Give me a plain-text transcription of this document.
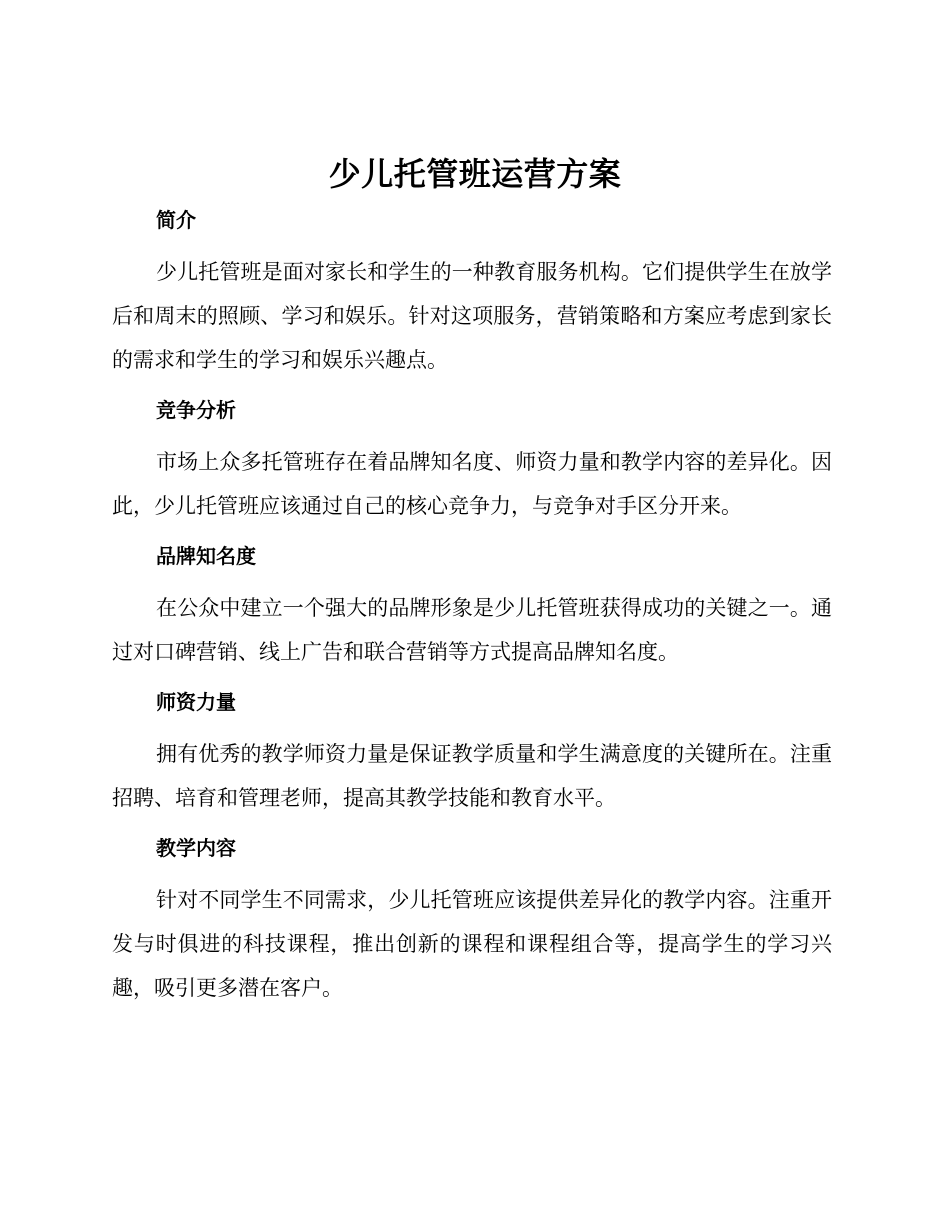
少儿托管班运营方案

简介

少儿托管班是面对家长和学生的一种教育服务机构。它们提供学生在放学后和周末的照顾、学习和娱乐。针对这项服务，营销策略和方案应考虑到家长的需求和学生的学习和娱乐兴趣点。

竞争分析

市场上众多托管班存在着品牌知名度、师资力量和教学内容的差异化。因此，少儿托管班应该通过自己的核心竞争力，与竞争对手区分开来。

品牌知名度

在公众中建立一个强大的品牌形象是少儿托管班获得成功的关键之一。通过对口碑营销、线上广告和联合营销等方式提高品牌知名度。

师资力量

拥有优秀的教学师资力量是保证教学质量和学生满意度的关键所在。注重招聘、培育和管理老师，提高其教学技能和教育水平。

教学内容

针对不同学生不同需求，少儿托管班应该提供差异化的教学内容。注重开发与时俱进的科技课程，推出创新的课程和课程组合等，提高学生的学习兴趣，吸引更多潜在客户。
